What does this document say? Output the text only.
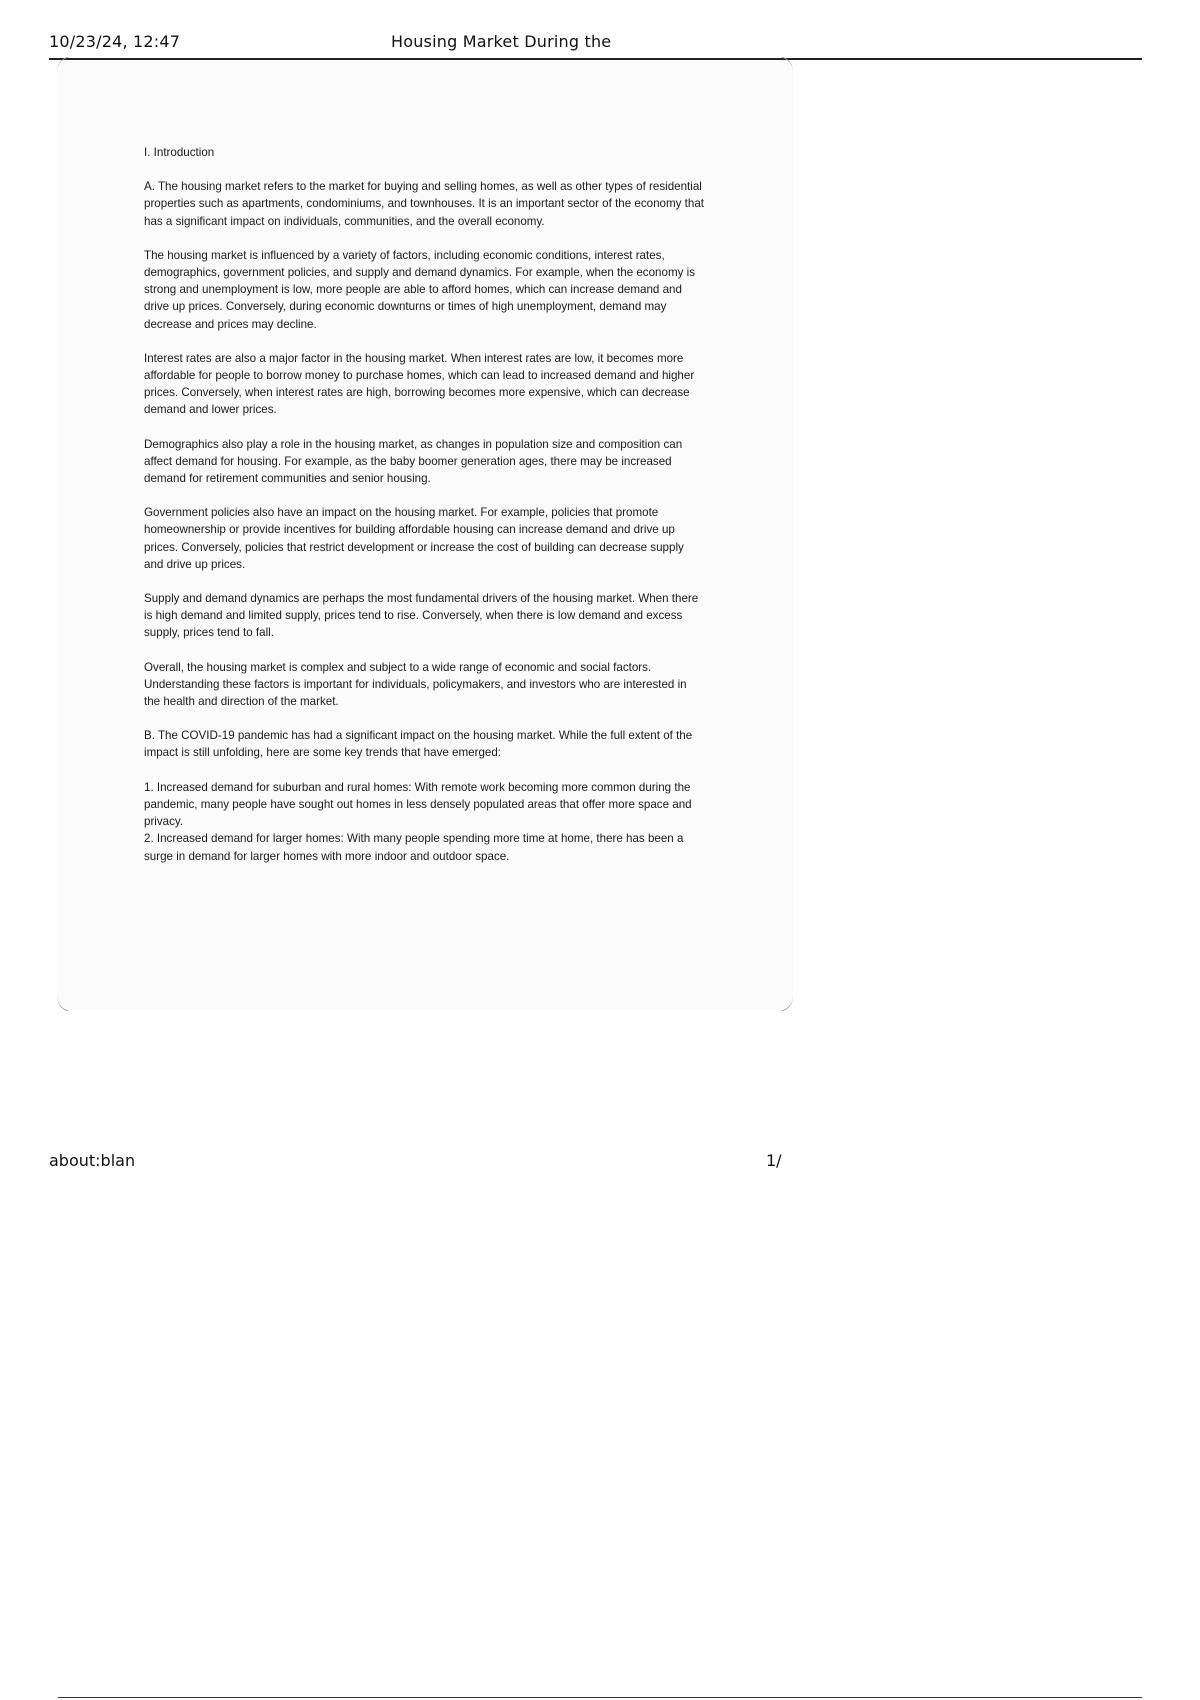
10/23/24, 12:47	Housing Market During the

I. Introduction

A. The housing market refers to the market for buying and selling homes, as well as other types of residential properties such as apartments, condominiums, and townhouses. It is an important sector of the economy that has a significant impact on individuals, communities, and the overall economy.

The housing market is influenced by a variety of factors, including economic conditions, interest rates, demographics, government policies, and supply and demand dynamics. For example, when the economy is strong and unemployment is low, more people are able to afford homes, which can increase demand and drive up prices. Conversely, during economic downturns or times of high unemployment, demand may decrease and prices may decline.

Interest rates are also a major factor in the housing market. When interest rates are low, it becomes more affordable for people to borrow money to purchase homes, which can lead to increased demand and higher prices. Conversely, when interest rates are high, borrowing becomes more expensive, which can decrease demand and lower prices.

Demographics also play a role in the housing market, as changes in population size and composition can affect demand for housing. For example, as the baby boomer generation ages, there may be increased demand for retirement communities and senior housing.

Government policies also have an impact on the housing market. For example, policies that promote homeownership or provide incentives for building affordable housing can increase demand and drive up prices. Conversely, policies that restrict development or increase the cost of building can decrease supply and drive up prices.

Supply and demand dynamics are perhaps the most fundamental drivers of the housing market. When there is high demand and limited supply, prices tend to rise. Conversely, when there is low demand and excess supply, prices tend to fall.

Overall, the housing market is complex and subject to a wide range of economic and social factors. Understanding these factors is important for individuals, policymakers, and investors who are interested in the health and direction of the market.

B. The COVID-19 pandemic has had a significant impact on the housing market. While the full extent of the impact is still unfolding, here are some key trends that have emerged:

1. Increased demand for suburban and rural homes: With remote work becoming more common during the pandemic, many people have sought out homes in less densely populated areas that offer more space and privacy.

2. Increased demand for larger homes: With many people spending more time at home, there has been a surge in demand for larger homes with more indoor and outdoor space.

about:blan	1/
